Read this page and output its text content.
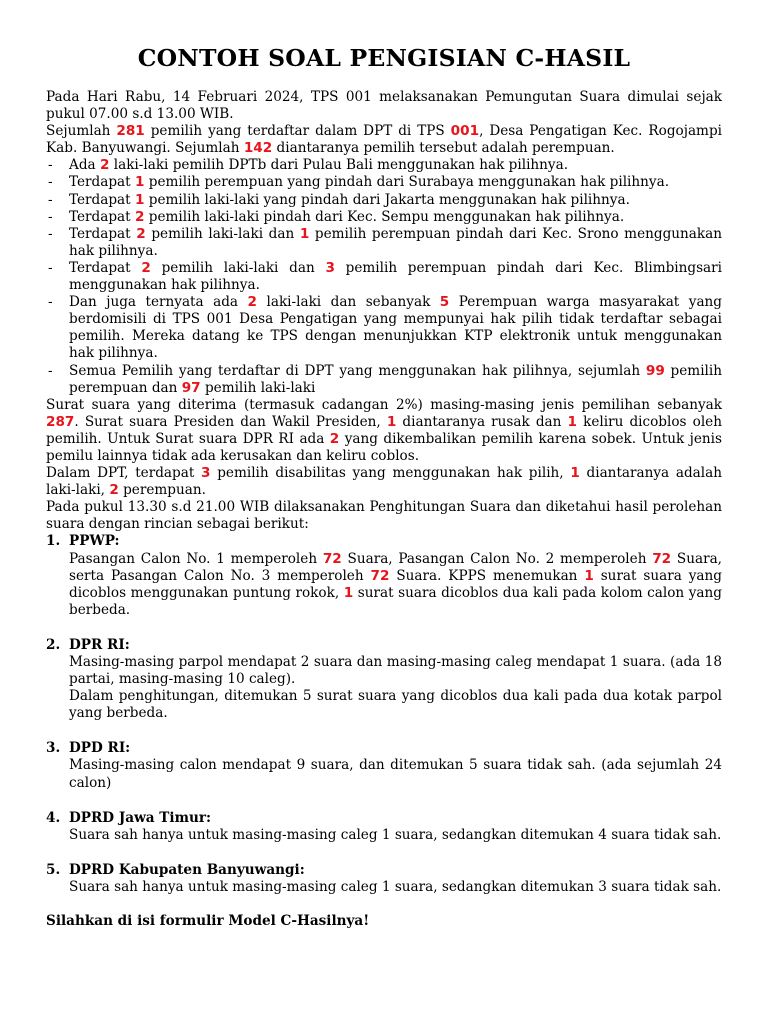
CONTOH SOAL PENGISIAN C-HASIL

Pada Hari Rabu, 14 Februari 2024, TPS 001 melaksanakan Pemungutan Suara dimulai sejak pukul 07.00 s.d 13.00 WIB.

Sejumlah 281 pemilih yang terdaftar dalam DPT di TPS 001, Desa Pengatigan Kec. Rogojampi Kab. Banyuwangi. Sejumlah 142 diantaranya pemilih tersebut adalah perempuan.

- Ada 2 laki-laki pemilih DPTb dari Pulau Bali menggunakan hak pilihnya.
- Terdapat 1 pemilih perempuan yang pindah dari Surabaya menggunakan hak pilihnya.
- Terdapat 1 pemilih laki-laki yang pindah dari Jakarta menggunakan hak pilihnya.
- Terdapat 2 pemilih laki-laki pindah dari Kec. Sempu menggunakan hak pilihnya.
- Terdapat 2 pemilih laki-laki dan 1 pemilih perempuan pindah dari Kec. Srono menggunakan hak pilihnya.
- Terdapat 2 pemilih laki-laki dan 3 pemilih perempuan pindah dari Kec. Blimbingsari menggunakan hak pilihnya.
- Dan juga ternyata ada 2 laki-laki dan sebanyak 5 Perempuan warga masyarakat yang berdomisili di TPS 001 Desa Pengatigan yang mempunyai hak pilih tidak terdaftar sebagai pemilih. Mereka datang ke TPS dengan menunjukkan KTP elektronik untuk menggunakan hak pilihnya.
- Semua Pemilih yang terdaftar di DPT yang menggunakan hak pilihnya, sejumlah 99 pemilih perempuan dan 97 pemilih laki-laki

Surat suara yang diterima (termasuk cadangan 2%) masing-masing jenis pemilihan sebanyak 287. Surat suara Presiden dan Wakil Presiden, 1 diantaranya rusak dan 1 keliru dicoblos oleh pemilih. Untuk Surat suara DPR RI ada 2 yang dikembalikan pemilih karena sobek. Untuk jenis pemilu lainnya tidak ada kerusakan dan keliru coblos.

Dalam DPT, terdapat 3 pemilih disabilitas yang menggunakan hak pilih, 1 diantaranya adalah laki-laki, 2 perempuan.

Pada pukul 13.30 s.d 21.00 WIB dilaksanakan Penghitungan Suara dan diketahui hasil perolehan suara dengan rincian sebagai berikut:

1. PPWP:
Pasangan Calon No. 1 memperoleh 72 Suara, Pasangan Calon No. 2 memperoleh 72 Suara, serta Pasangan Calon No. 3 memperoleh 72 Suara. KPPS menemukan 1 surat suara yang dicoblos menggunakan puntung rokok, 1 surat suara dicoblos dua kali pada kolom calon yang berbeda.
2. DPR RI:
Masing-masing parpol mendapat 2 suara dan masing-masing caleg mendapat 1 suara. (ada 18 partai, masing-masing 10 caleg).
Dalam penghitungan, ditemukan 5 surat suara yang dicoblos dua kali pada dua kotak parpol yang berbeda.
3. DPD RI:
Masing-masing calon mendapat 9 suara, dan ditemukan 5 suara tidak sah. (ada sejumlah 24 calon)
4. DPRD Jawa Timur:
Suara sah hanya untuk masing-masing caleg 1 suara, sedangkan ditemukan 4 suara tidak sah.
5. DPRD Kabupaten Banyuwangi:
Suara sah hanya untuk masing-masing caleg 1 suara, sedangkan ditemukan 3 suara tidak sah.
Silahkan di isi formulir Model C-Hasilnya!
